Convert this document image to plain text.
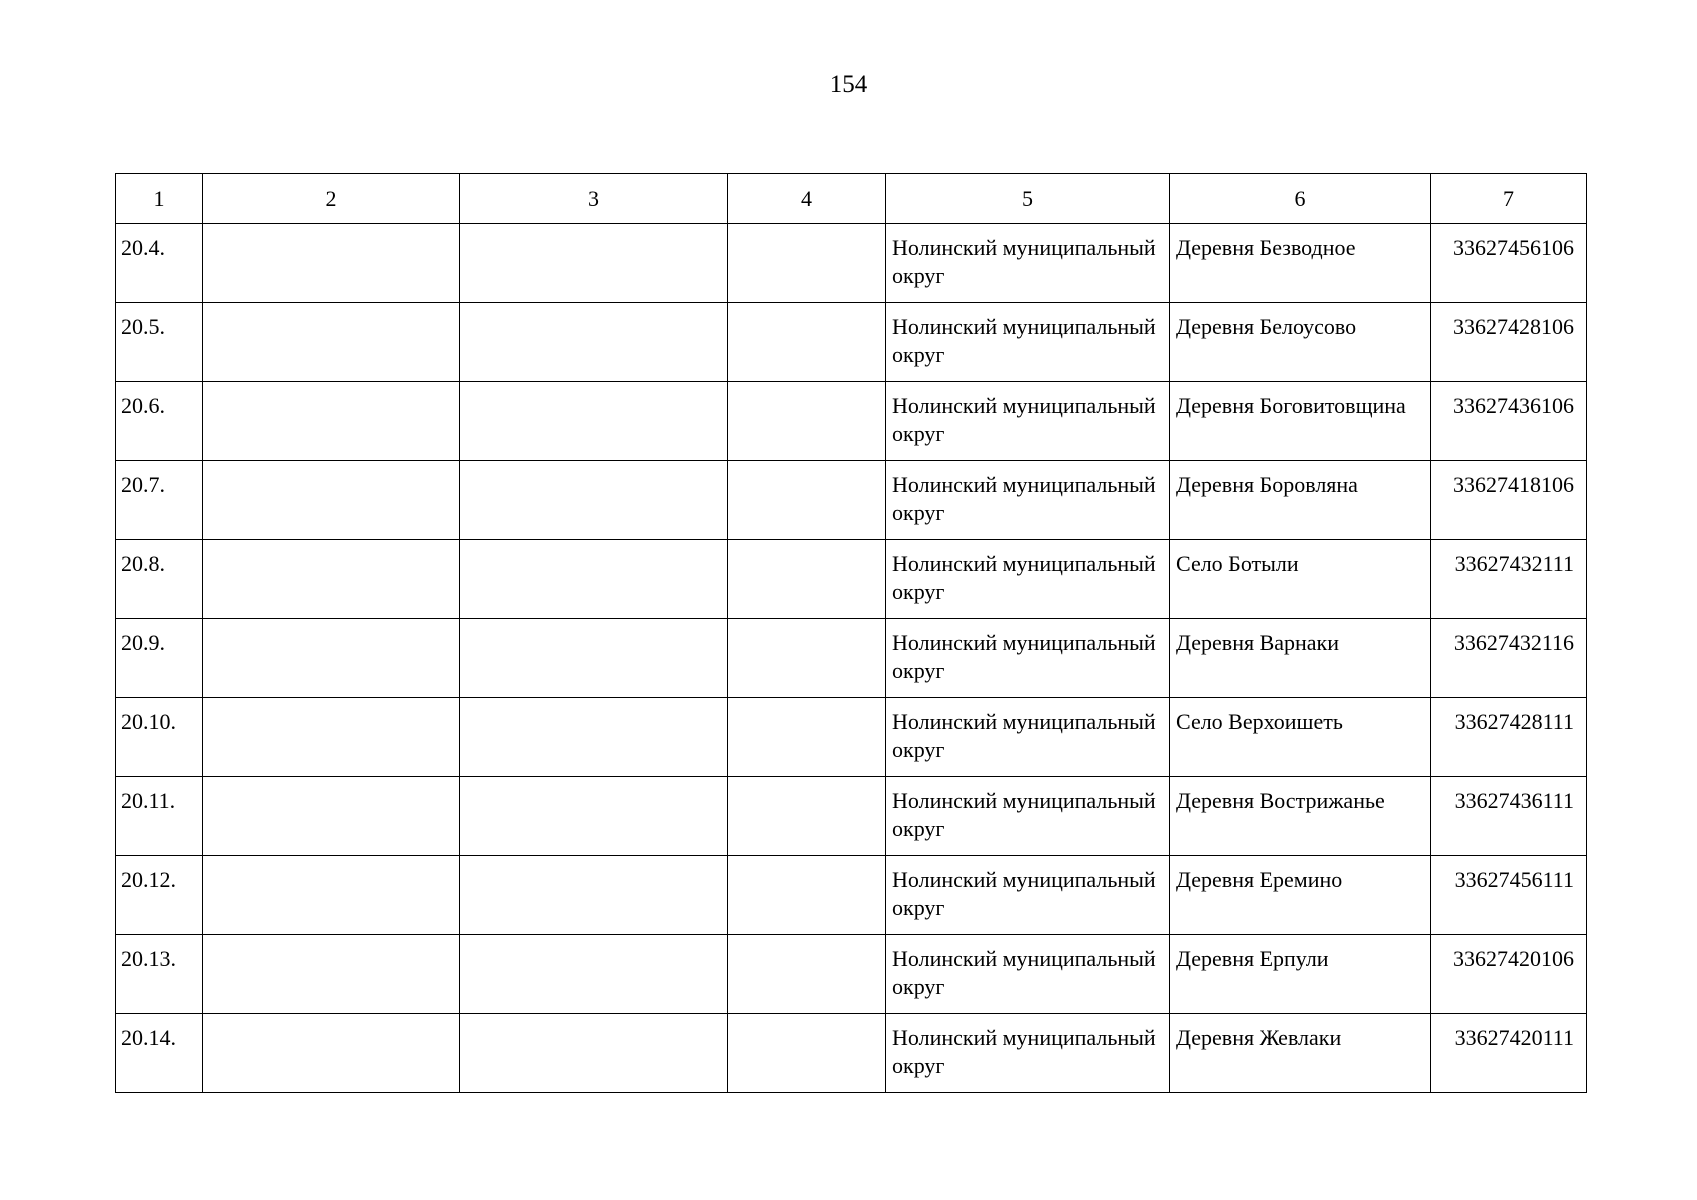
154
1	2	3	4	5	6	7
20.4.				Нолинский муниципальный округ	Деревня Безводное	33627456106
20.5.				Нолинский муниципальный округ	Деревня Белоусово	33627428106
20.6.				Нолинский муниципальный округ	Деревня Боговитовщина	33627436106
20.7.				Нолинский муниципальный округ	Деревня Боровляна	33627418106
20.8.				Нолинский муниципальный округ	Село Ботыли	33627432111
20.9.				Нолинский муниципальный округ	Деревня Варнаки	33627432116
20.10.				Нолинский муниципальный округ	Село Верхоишеть	33627428111
20.11.				Нолинский муниципальный округ	Деревня Вострижанье	33627436111
20.12.				Нолинский муниципальный округ	Деревня Еремино	33627456111
20.13.				Нолинский муниципальный округ	Деревня Ерпули	33627420106
20.14.				Нолинский муниципальный округ	Деревня Жевлаки	33627420111
